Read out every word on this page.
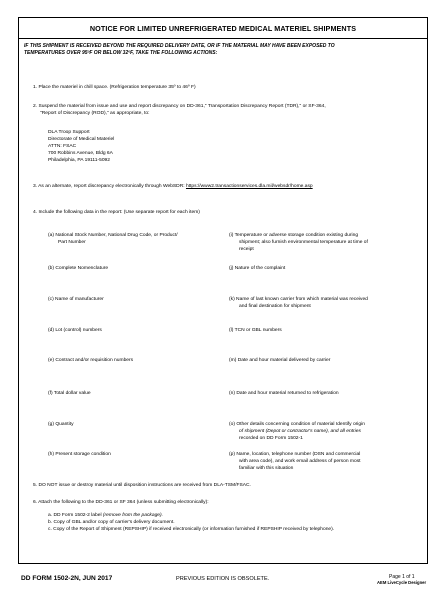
NOTICE FOR LIMITED UNREFRIGERATED MEDICAL MATERIEL SHIPMENTS
IF THIS SHIPMENT IS RECEIVED BEYOND THE REQUIRED DELIVERY DATE, OR IF THE MATERIAL MAY HAVE BEEN EXPOSED TO
TEMPERATURES OVER 95ºF OR BELOW 32ºF, TAKE THE FOLLOWING ACTIONS:
1. Place the materiel in chill space. (Refrigeration temperature 35º to 46º F)
2. Suspend the material from issue and use and report discrepancy on DD-361," Transportation Discrepancy Report (TDR)," or SF-364,
"Report of Discrepancy (ROD)," as appropriate, to:
DLA Troop Support
Directorate of Medical Materiel
ATTN: FSAC
700 Robbins Avenue, Bldg 6A
Philadelphia, PA 19111-5092
3. As an alternate, report discrepancy electronically through WebSDR: https://www2.transactionservices.dla.mil/websdr/home.asp
4. Include the following data in the report: (Use separate report for each item)
(a) National Stock Number, National Drug Code, or Product/
Part Number
(b) Complete Nomenclature
(c) Name of manufacturer
(d) Lot (control) numbers
(e) Contract and/or requisition numbers
(f) Total dollar value
(g) Quantity
(h) Present storage condition
(i) Temperature or adverse storage condition existing during
shipment; also furnish environmental temperature at time of
receipt
(j) Nature of the complaint
(k) Name of last known carrier from which material was received
and final destination for shipment
(l) TCN or GBL numbers
(m) Date and hour material delivered by carrier
(n) Date and hour material returned to refrigeration
(o) Other details concerning condition of material Identify origin
of shipment (Depot or contractor's name), and all entries
recorded on DD Form 1502-1
(p) Name, location, telephone number (DSN and commercial
with area code), and work email address of person most
familiar with this situation
5. DO NOT issue or destroy material until disposition instructions are received from DLA-TSM/FSAC.
6. Attach the following to the DD-361 or SF 364 (unless submitting electronically):
a. DD Form 1502-2 label (remove from the package).
b. Copy of GBL and/or copy of carrier's delivery document.
c. Copy of the Report of Shipment (REPSHIP) if received electronically (or information furnished if REPSHIP received by telephone).
DD FORM 1502-2N, JUN 2017	PREVIOUS EDITION IS OBSOLETE.	Page 1 of 1
AEM LiveCycle Designer
